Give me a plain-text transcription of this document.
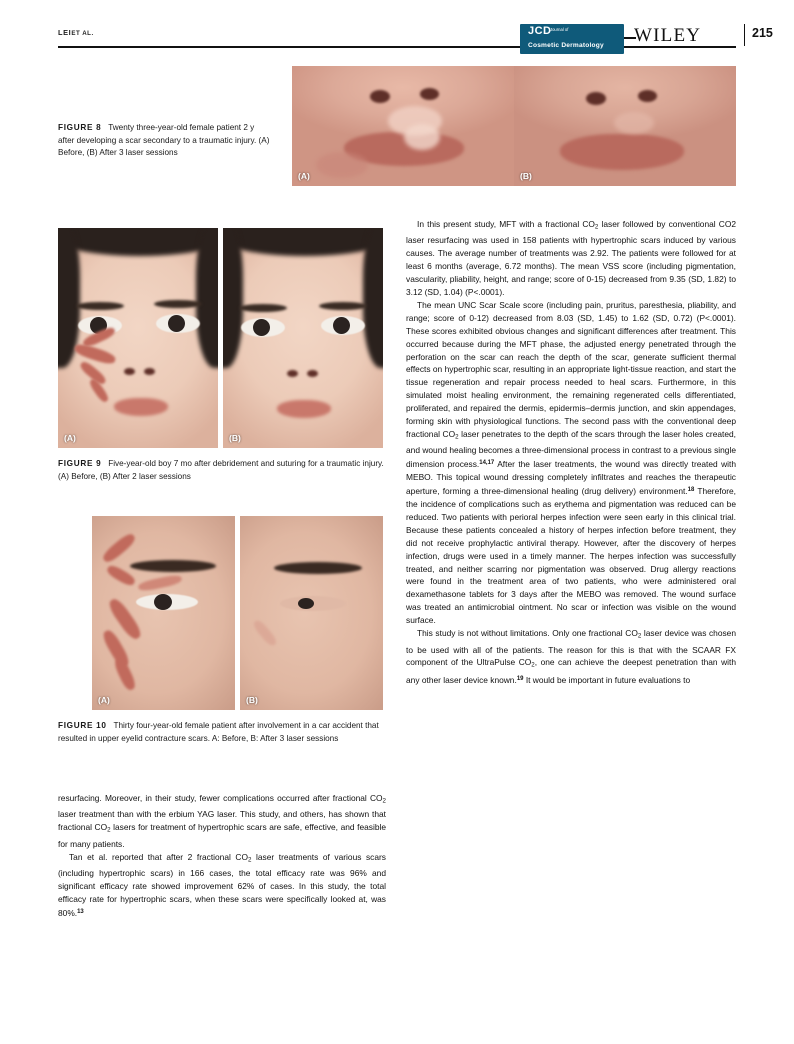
LEIET AL.	JCD
Journal of
Cosmetic Dermatology WILEY	215
(A)	(B)
FIGURE 8 Twenty three-year-old female patient 2 y after developing a scar secondary to a traumatic injury. (A) Before, (B) After 3 laser sessions
(A)	(B)
FIGURE 9 Five-year-old boy 7 mo after debridement and suturing for a traumatic injury. (A) Before, (B) After 2 laser sessions
(A)	(B)
FIGURE 10 Thirty four-year-old female patient after involvement in a car accident that resulted in upper eyelid contracture scars. A: Before, B: After 3 laser sessions

resurfacing. Moreover, in their study, fewer complications occurred after fractional $CO_2$ laser treatment than with the erbium YAG laser. This study, and others, has shown that fractional $CO_2$ lasers for treatment of hypertrophic scars are safe, effective, and feasible for many patients.

Tan et al. reported that after 2 fractional $CO_2$ laser treatments of various scars (including hypertrophic scars) in 166 cases, the total efficacy rate was 96% and significant efficacy rate showed improvement 62% of cases. In this study, the total efficacy rate for hypertrophic scars, when these scars were specifically looked at, was 80%.$^{13}$

In this present study, MFT with a fractional $CO_2$ laser followed by conventional CO2 laser resurfacing was used in 158 patients with hypertrophic scars induced by various causes. The average number of treatments was 2.92. The patients were followed for at least 6 months (average, 6.72 months). The mean VSS score (including pigmentation, vascularity, pliability, height, and range; score of 0-15) decreased from 9.35 (SD, 1.82) to 3.12 (SD, 1.04) (P<.0001).

The mean UNC Scar Scale score (including pain, pruritus, paresthesia, pliability, and range; score of 0-12) decreased from 8.03 (SD, 1.45) to 1.62 (SD, 0.72) (P<.0001). These scores exhibited obvious changes and significant differences after treatment. This occurred because during the MFT phase, the adjusted energy penetrated through the perforation on the scar can reach the depth of the scar, generate sufficient thermal effects on hypertrophic scar, resulting in an appropriate light-tissue reaction, and start the tissue regeneration and repair process needed to heal scars. Furthermore, in this simulated moist healing environment, the remaining regenerated cells differentiated, proliferated, and repaired the dermis, epidermis–dermis junction, and skin appendages, forming skin with physiological functions. The second pass with the conventional deep fractional $CO_2$ laser penetrates to the depth of the scars through the laser holes created, and wound healing becomes a three-dimensional process in contrast to a previous single dimension process.$^{14,17}$ After the laser treatments, the wound was directly treated with MEBO. This topical wound dressing completely infiltrates and reaches the therapeutic aperture, forming a three-dimensional healing (drug delivery) environment.$^{18}$ Therefore, the incidence of complications such as erythema and pigmentation was reduced can be reduced. Two patients with perioral herpes infection were seen early in this clinical trial. Because these patients concealed a history of herpes infection before treatment, they did not receive prophylactic antiviral therapy. However, after the discovery of herpes infection, drugs were used in a timely manner. The herpes infection was successfully treated, and neither scarring nor pigmentation was observed. Drug allergy reactions were found in the treatment area of two patients, who were administered oral dexamethasone tablets for 3 days after the MEBO was removed. The wound surface was treated an antimicrobial ointment. No scar or infection was visible on the wound surface.

This study is not without limitations. Only one fractional $CO_2$ laser device was chosen to be used with all of the patients. The reason for this is that with the SCAAR FX component of the UltraPulse $CO_2$, one can achieve the deepest penetration than with any other laser device known.$^{19}$ It would be important in future evaluations to
